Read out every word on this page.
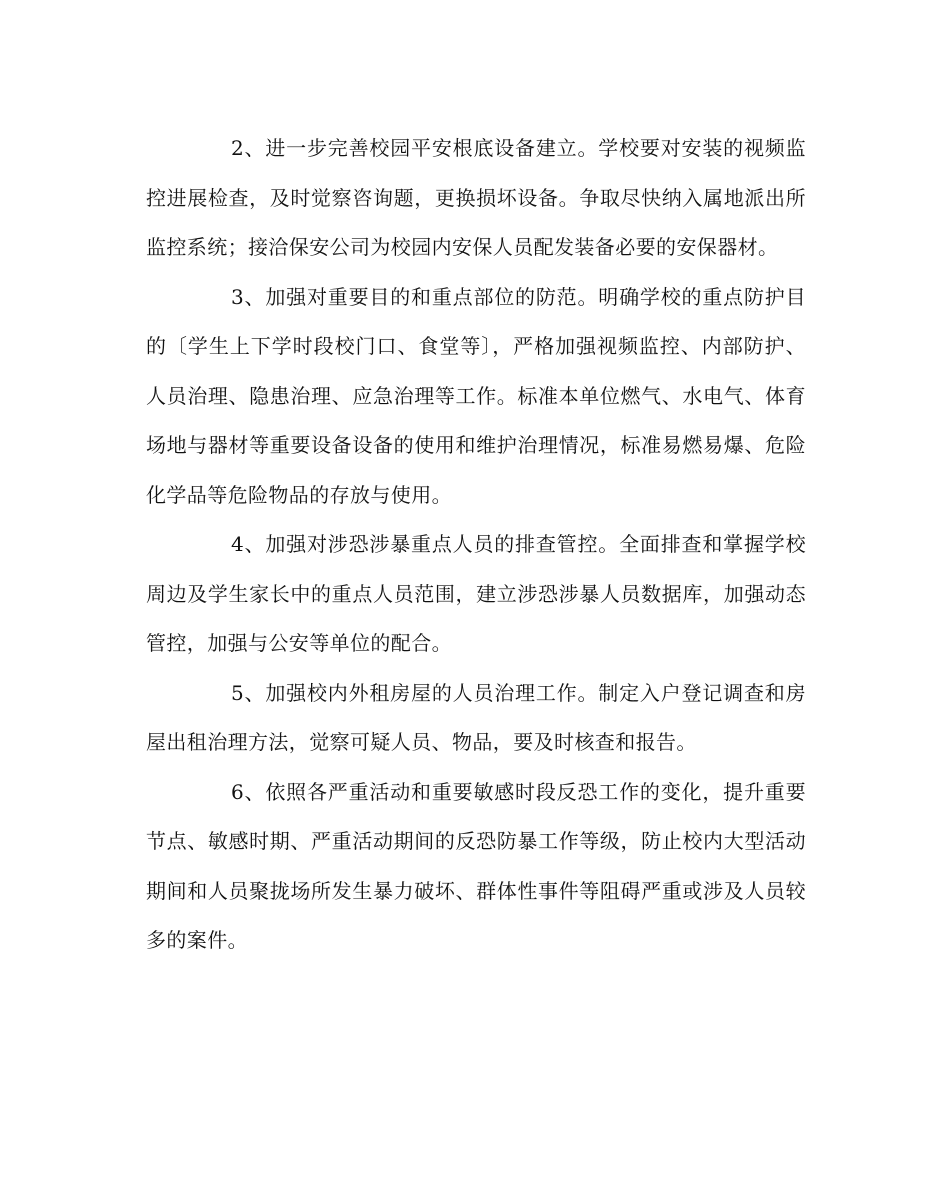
2、进一步完善校园平安根底设备建立。学校要对安装的视频监控进展检查，及时觉察咨询题，更换损坏设备。争取尽快纳入属地派出所监控系统；接洽保安公司为校园内安保人员配发装备必要的安保器材。

3、加强对重要目的和重点部位的防范。明确学校的重点防护目的〔学生上下学时段校门口、食堂等〕，严格加强视频监控、内部防护、人员治理、隐患治理、应急治理等工作。标准本单位燃气、水电气、体育场地与器材等重要设备设备的使用和维护治理情况，标准易燃易爆、危险化学品等危险物品的存放与使用。

4、加强对涉恐涉暴重点人员的排查管控。全面排查和掌握学校周边及学生家长中的重点人员范围，建立涉恐涉暴人员数据库，加强动态管控，加强与公安等单位的配合。

5、加强校内外租房屋的人员治理工作。制定入户登记调查和房屋出租治理方法，觉察可疑人员、物品，要及时核查和报告。

6、依照各严重活动和重要敏感时段反恐工作的变化，提升重要节点、敏感时期、严重活动期间的反恐防暴工作等级，防止校内大型活动期间和人员聚拢场所发生暴力破坏、群体性事件等阻碍严重或涉及人员较多的案件。
